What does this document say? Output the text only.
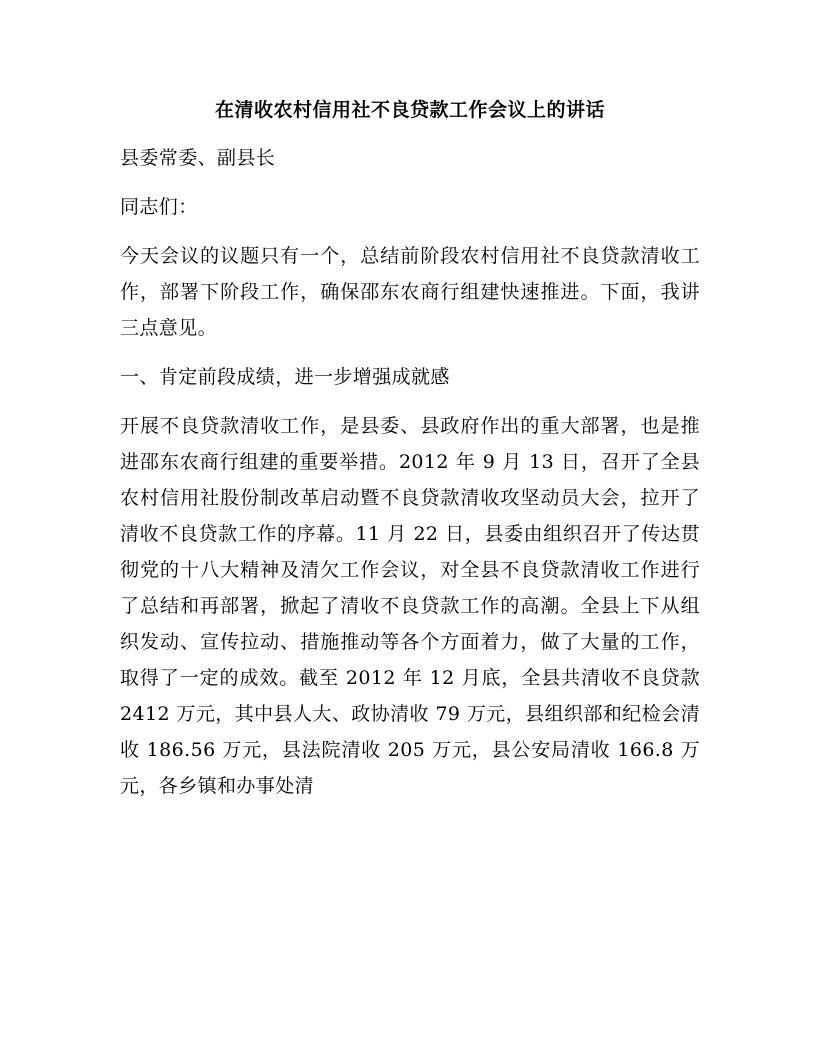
在清收农村信用社不良贷款工作会议上的讲话

县委常委、副县长

同志们：

今天会议的议题只有一个，总结前阶段农村信用社不良贷款清收工作，部署下阶段工作，确保邵东农商行组建快速推进。下面，我讲三点意见。

一、肯定前段成绩，进一步增强成就感

开展不良贷款清收工作，是县委、县政府作出的重大部署，也是推进邵东农商行组建的重要举措。2012 年 9 月 13 日，召开了全县农村信用社股份制改革启动暨不良贷款清收攻坚动员大会，拉开了清收不良贷款工作的序幕。11 月 22 日，县委由组织召开了传达贯彻党的十八大精神及清欠工作会议，对全县不良贷款清收工作进行了总结和再部署，掀起了清收不良贷款工作的高潮。全县上下从组织发动、宣传拉动、措施推动等各个方面着力，做了大量的工作，取得了一定的成效。截至 2012 年 12 月底，全县共清收不良贷款 2412 万元，其中县人大、政协清收 79 万元，县组织部和纪检会清收 186.56 万元，县法院清收 205 万元，县公安局清收 166.8 万元，各乡镇和办事处清
